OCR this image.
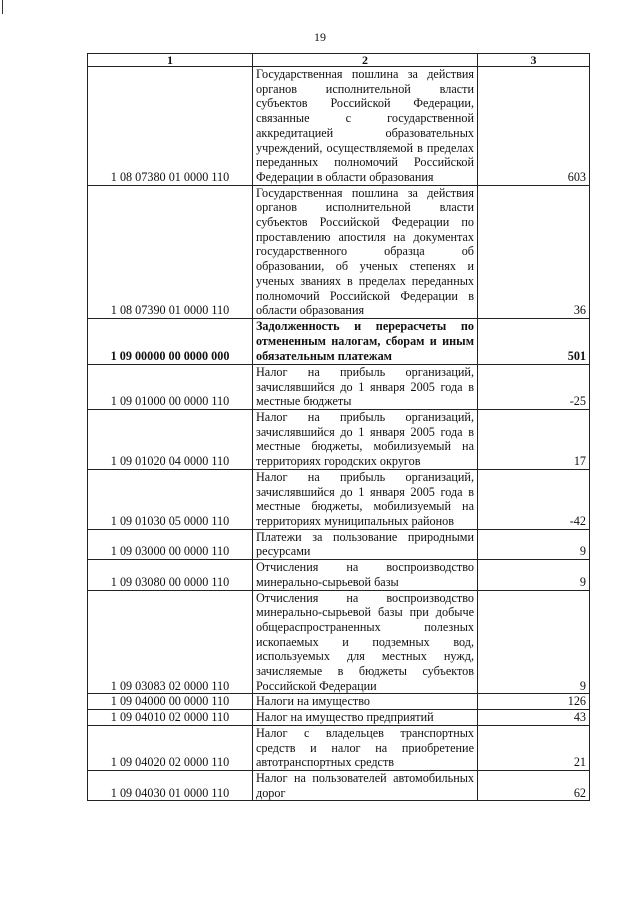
19
1	2	3
1 08 07380 01 0000 110	Государственная пошлина за действия органов исполнительной власти субъектов Российской Федерации, связанные с государственной аккредитацией образовательных учреждений, осуществляемой в пределах переданных полномочий Российской Федерации в области образования	603
1 08 07390 01 0000 110	Государственная пошлина за действия органов исполнительной власти субъектов Российской Федерации по проставлению апостиля на документах государственного образца об образовании, об ученых степенях и ученых званиях в пределах переданных полномочий Российской Федерации в области образования	36
1 09 00000 00 0000 000	Задолженность и перерасчеты по отмененным налогам, сборам и иным обязательным платежам	501
1 09 01000 00 0000 110	Налог на прибыль организаций, зачислявшийся до 1 января 2005 года в местные бюджеты	-25
1 09 01020 04 0000 110	Налог на прибыль организаций, зачислявшийся до 1 января 2005 года в местные бюджеты, мобилизуемый на территориях городских округов	17
1 09 01030 05 0000 110	Налог на прибыль организаций, зачислявшийся до 1 января 2005 года в местные бюджеты, мобилизуемый на территориях муниципальных районов	-42
1 09 03000 00 0000 110	Платежи за пользование природными ресурсами	9
1 09 03080 00 0000 110	Отчисления на воспроизводство минерально-сырьевой базы	9
1 09 03083 02 0000 110	Отчисления на воспроизводство минерально-сырьевой базы при добыче общераспространенных полезных ископаемых и подземных вод, используемых для местных нужд, зачисляемые в бюджеты субъектов Российской Федерации	9
1 09 04000 00 0000 110	Налоги на имущество	126
1 09 04010 02 0000 110	Налог на имущество предприятий	43
1 09 04020 02 0000 110	Налог с владельцев транспортных средств и налог на приобретение автотранспортных средств	21
1 09 04030 01 0000 110	Налог на пользователей автомобильных дорог	62
